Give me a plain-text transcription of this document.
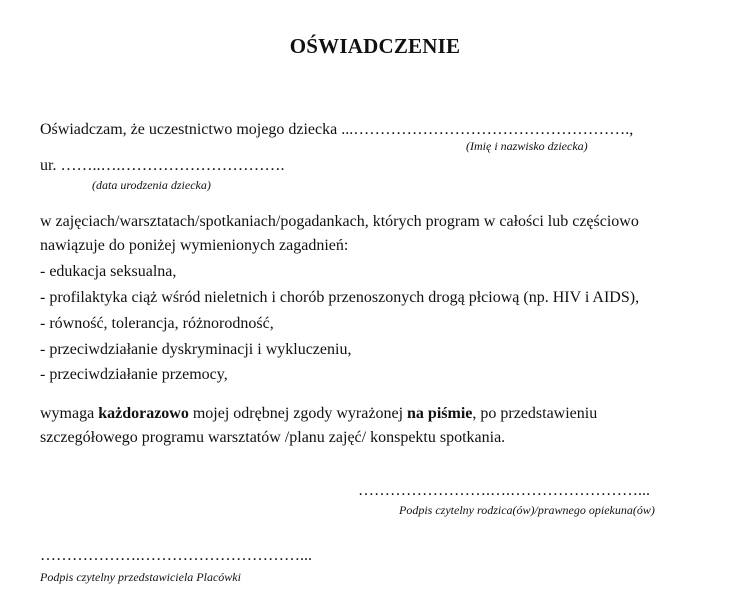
OŚWIADCZENIE
Oświadczam, że uczestnictwo mojego dziecka ...…………………………………………….,
(Imię i nazwisko dziecka)
ur. ……..….………………………….
(data urodzenia dziecka)
w zajęciach/warsztatach/spotkaniach/pogadankach, których program w całości lub częściowo
nawiązuje do poniżej wymienionych zagadnień:
- edukacja seksualna,
- profilaktyka ciąż wśród nieletnich i chorób przenoszonych drogą płciową (np. HIV i AIDS),
- równość, tolerancja, różnorodność,
- przeciwdziałanie dyskryminacji i wykluczeniu,
- przeciwdziałanie przemocy,
wymaga każdorazowo mojej odrębnej zgody wyrażonej na piśmie, po przedstawieniu
szczegółowego programu warsztatów /planu zajęć/ konspektu spotkania.
…………………….….……………………...
Podpis czytelny rodzica(ów)/prawnego opiekuna(ów)
……………….…………………………...
Podpis czytelny przedstawiciela Placówki
